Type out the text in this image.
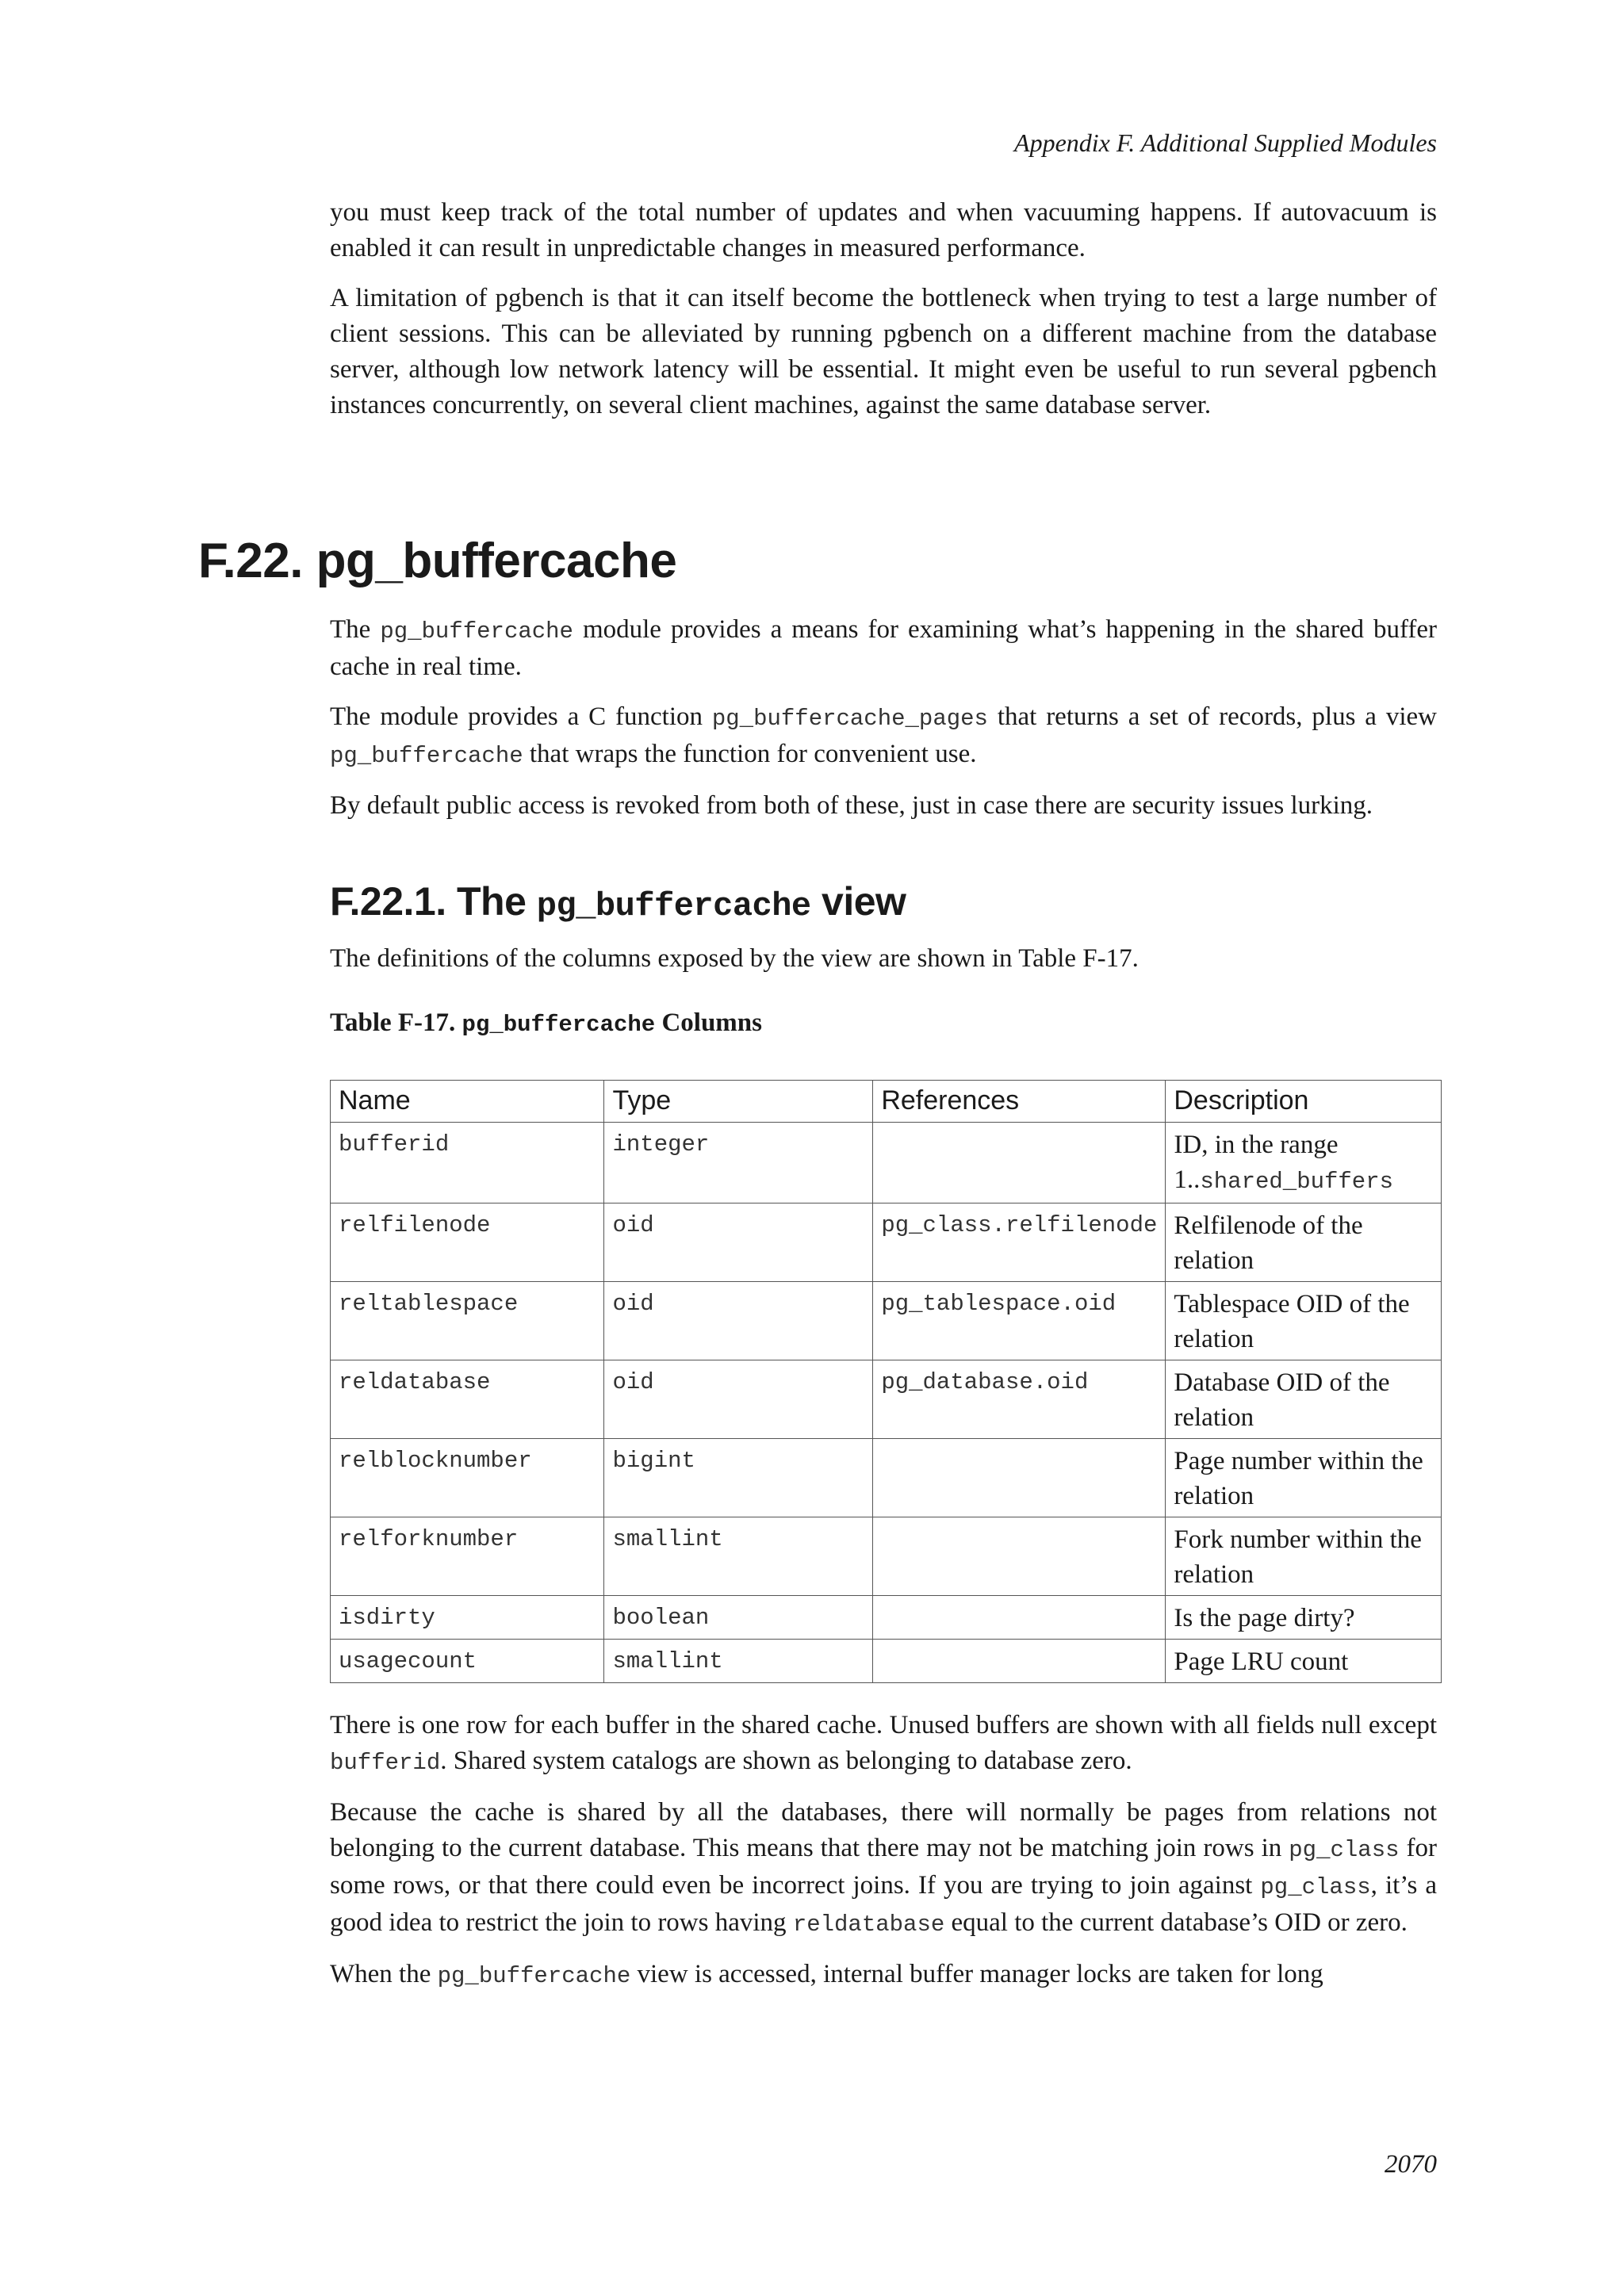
Appendix F. Additional Supplied Modules

you must keep track of the total number of updates and when vacuuming happens. If autovacuum is enabled it can result in unpredictable changes in measured performance.

A limitation of pgbench is that it can itself become the bottleneck when trying to test a large number of client sessions. This can be alleviated by running pgbench on a different machine from the database server, although low network latency will be essential. It might even be useful to run several pgbench instances concurrently, on several client machines, against the same database server.

F.22. pg_buffercache

The pg_buffercache module provides a means for examining what’s happening in the shared buffer cache in real time.

The module provides a C function pg_buffercache_pages that returns a set of records, plus a view pg_buffercache that wraps the function for convenient use.

By default public access is revoked from both of these, just in case there are security issues lurking.

F.22.1. The pg_buffercache view

The definitions of the columns exposed by the view are shown in Table F-17.

Table F-17. pg_buffercache Columns
Name	Type	References	Description
bufferid	integer		ID, in the range 1..shared_buffers
relfilenode	oid	pg_class.relfilenode	Relfilenode of the relation
reltablespace	oid	pg_tablespace.oid	Tablespace OID of the relation
reldatabase	oid	pg_database.oid	Database OID of the relation
relblocknumber	bigint		Page number within the relation
relforknumber	smallint		Fork number within the relation
isdirty	boolean		Is the page dirty?
usagecount	smallint		Page LRU count

There is one row for each buffer in the shared cache. Unused buffers are shown with all fields null except bufferid. Shared system catalogs are shown as belonging to database zero.

Because the cache is shared by all the databases, there will normally be pages from relations not belonging to the current database. This means that there may not be matching join rows in pg_class for some rows, or that there could even be incorrect joins. If you are trying to join against pg_class, it’s a good idea to restrict the join to rows having reldatabase equal to the current database’s OID or zero.

When the pg_buffercache view is accessed, internal buffer manager locks are taken for long

2070
